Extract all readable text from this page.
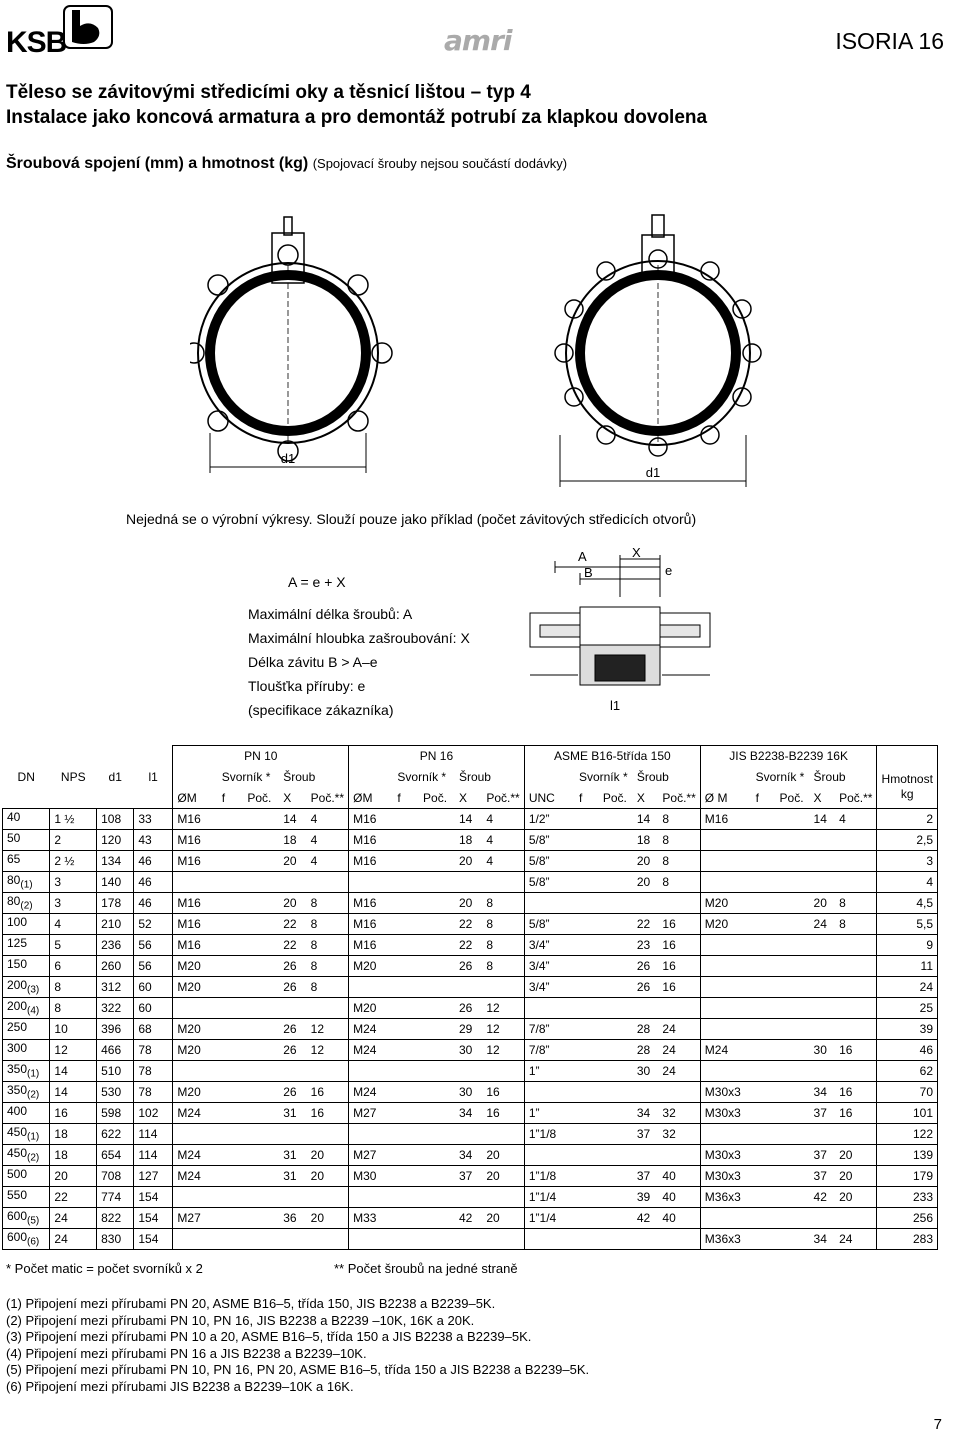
KSB	amri	ISORIA 16
Těleso se závitovými středicími oky a těsnicí lištou – typ 4
Instalace jako koncová armatura a pro demontáž potrubí za klapkou dovolena
Šroubová spojení (mm) a hmotnost (kg) (Spojovací šrouby nejsou součástí dodávky)
d1
d1
Nejedná se o výrobní výkresy. Slouží pouze jako příklad (počet závitových středicích otvorů)
A = e + X
Maximální délka šroubů: A
Maximální hloubka zašroubování: X
Délka závitu B > A–e
Tloušťka příruby: e
(specifikace zákazníka)
A
B
X
e
l1
				PN 10					PN 16					ASME B16-5třída 150					JIS B2238-B2239 16K					
DN	NPS	d1	l1		Svorník *		Šroub			Svorník *		Šroub			Svorník *		Šroub			Svorník *		Šroub		Hmotnost kg
				ØM	f	Poč.	X	Poč.**	ØM	f	Poč.	X	Poč.**	UNC	f	Poč.	X	Poč.**	Ø M	f	Poč.	X	Poč.**	
40	1 ½	108	33	M16			14	4	M16			14	4	1/2”			14	8	M16			14	4	2
50	2	120	43	M16			18	4	M16			18	4	5/8”			18	8						2,5
65	2 ½	134	46	M16			20	4	M16			20	4	5/8”			20	8						3
$80_{(1)}$	3	140	46											5/8”			20	8						4
$80_{(2)}$	3	178	46	M16			20	8	M16			20	8						M20			20	8	4,5
100	4	210	52	M16			22	8	M16			22	8	5/8”			22	16	M20			24	8	5,5
125	5	236	56	M16			22	8	M16			22	8	3/4”			23	16						9
150	6	260	56	M20			26	8	M20			26	8	3/4”			26	16						11
$200_{(3)}$	8	312	60	M20			26	8						3/4”			26	16						24
$200_{(4)}$	8	322	60						M20			26	12											25
250	10	396	68	M20			26	12	M24			29	12	7/8”			28	24						39
300	12	466	78	M20			26	12	M24			30	12	7/8”			28	24	M24			30	16	46
$350_{(1)}$	14	510	78											1”			30	24						62
$350_{(2)}$	14	530	78	M20			26	16	M24			30	16						M30x3			34	16	70
400	16	598	102	M24			31	16	M27			34	16	1”			34	32	M30x3			37	16	101
$450_{(1)}$	18	622	114											1”1/8			37	32						122
$450_{(2)}$	18	654	114	M24			31	20	M27			34	20						M30x3			37	20	139
500	20	708	127	M24			31	20	M30			37	20	1”1/8			37	40	M30x3			37	20	179
550	22	774	154											1”1/4			39	40	M36x3			42	20	233
$600_{(5)}$	24	822	154	M27			36	20	M33			42	20	1”1/4			42	40						256
$600_{(6)}$	24	830	154																M36x3			34	24	283
* Počet matic = počet svorníků x 2	** Počet šroubů na jedné straně
(1) Připojení mezi přírubami PN 20, ASME B16–5, třída 150, JIS B2238 a B2239–5K.
(2) Připojení mezi přírubami PN 10, PN 16, JIS B2238 a B2239 –10K, 16K a 20K.
(3) Připojení mezi přírubami PN 10 a 20, ASME B16–5, třída 150 a JIS B2238 a B2239–5K.
(4) Připojení mezi přírubami PN 16 a JIS B2238 a B2239–10K.
(5) Připojení mezi přírubami PN 10, PN 16, PN 20, ASME B16–5, třída 150 a JIS B2238 a B2239–5K.
(6) Připojení mezi přírubami JIS B2238 a B2239–10K a 16K.
7
